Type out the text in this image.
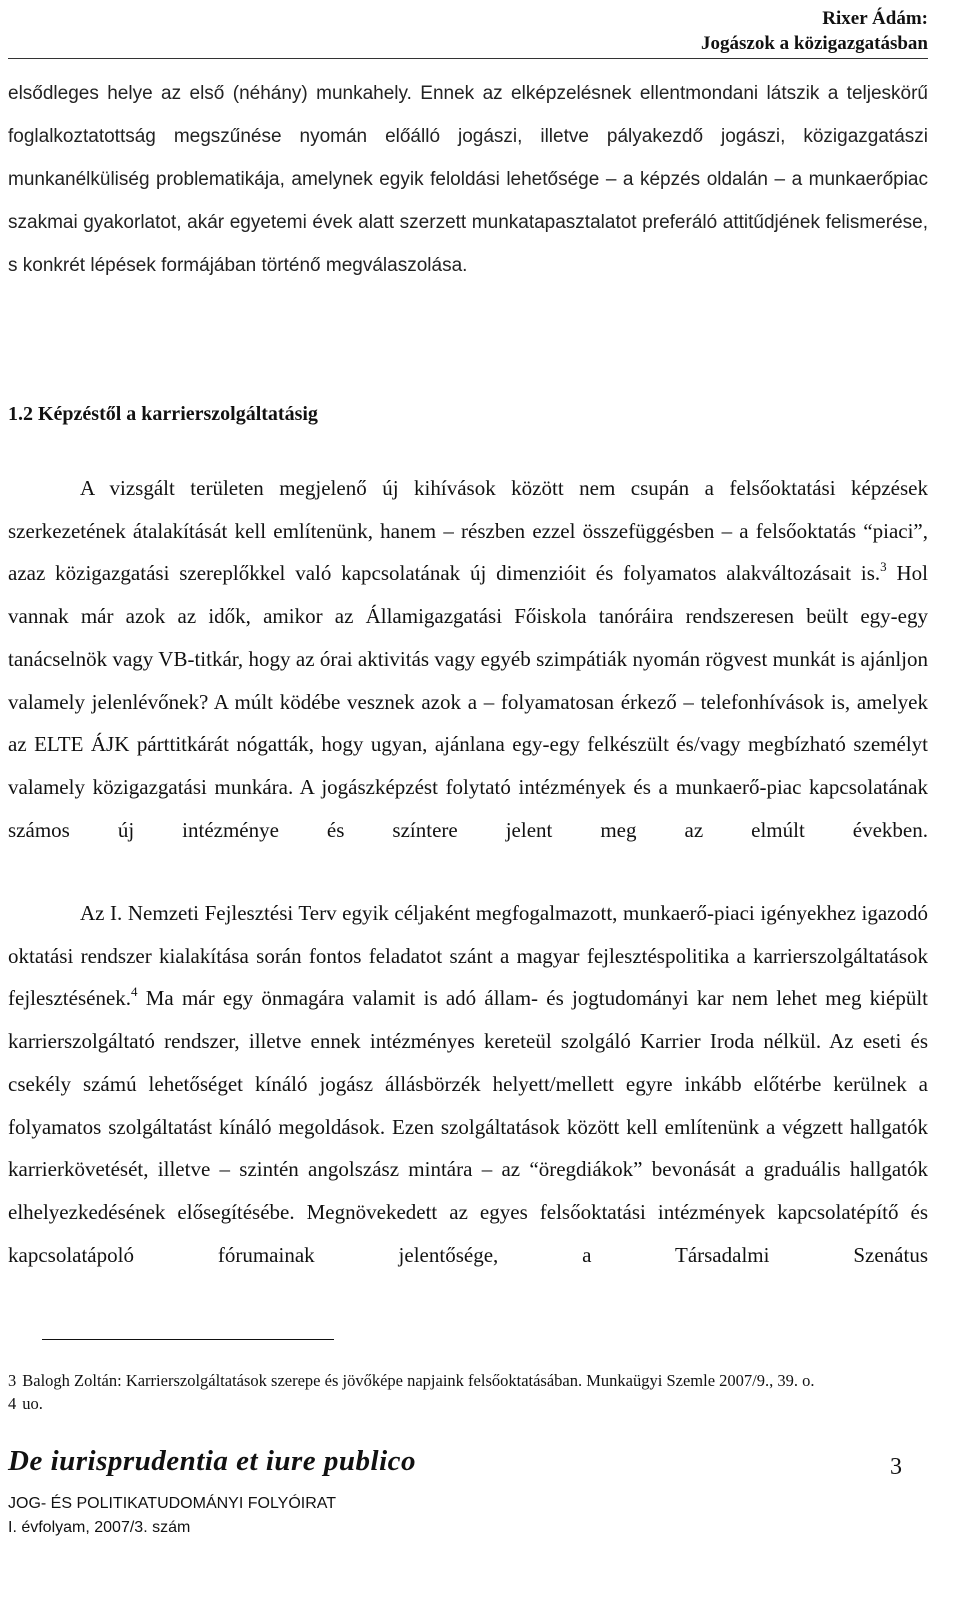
Rixer Ádám:
Jogászok a közigazgatásban

elsődleges helye az első (néhány) munkahely. Ennek az elképzelésnek ellentmondani látszik a teljeskörű foglalkoztatottság megszűnése nyomán előálló jogászi, illetve pályakezdő jogászi, közigazgatászi munkanélküliség problematikája, amelynek egyik feloldási lehetősége – a képzés oldalán – a munkaerőpiac szakmai gyakorlatot, akár egyetemi évek alatt szerzett munkatapasztalatot preferáló attitűdjének felismerése, s konkrét lépések formájában történő megválaszolása.

1.2 Képzéstől a karrierszolgáltatásig

A vizsgált területen megjelenő új kihívások között nem csupán a felsőoktatási képzések szerkezetének átalakítását kell említenünk, hanem – részben ezzel összefüggésben – a felsőoktatás “piaci”, azaz közigazgatási szereplőkkel való kapcsolatának új dimenzióit és folyamatos alakváltozásait is.$^3$ Hol vannak már azok az idők, amikor az Államigazgatási Főiskola tanóráira rendszeresen beült egy-egy tanácselnök vagy VB-titkár, hogy az órai aktivitás vagy egyéb szimpátiák nyomán rögvest munkát is ajánljon valamely jelenlévőnek? A múlt ködébe vesznek azok a – folyamatosan érkező – telefonhívások is, amelyek az ELTE ÁJK párttitkárát nógatták, hogy ugyan, ajánlana egy-egy felkészült és/vagy megbízható személyt valamely közigazgatási munkára. A jogászképzést folytató intézmények és a munkaerő-piac kapcsolatának számos új intézménye és színtere jelent meg az elmúlt években.

Az I. Nemzeti Fejlesztési Terv egyik céljaként megfogalmazott, munkaerő-piaci igényekhez igazodó oktatási rendszer kialakítása során fontos feladatot szánt a magyar fejlesztéspolitika a karrierszolgáltatások fejlesztésének.$^4$ Ma már egy önmagára valamit is adó állam- és jogtudományi kar nem lehet meg kiépült karrierszolgáltató rendszer, illetve ennek intézményes kereteül szolgáló Karrier Iroda nélkül. Az eseti és csekély számú lehetőséget kínáló jogász állásbörzék helyett/mellett egyre inkább előtérbe kerülnek a folyamatos szolgáltatást kínáló megoldások. Ezen szolgáltatások között kell említenünk a végzett hallgatók karrierkövetését, illetve – szintén angolszász mintára – az “öregdiákok” bevonását a graduális hallgatók elhelyezkedésének elősegítésébe. Megnövekedett az egyes felsőoktatási intézmények kapcsolatépítő és kapcsolatápoló fórumainak jelentősége, a Társadalmi Szenátus

3 Balogh Zoltán: Karrierszolgáltatások szerepe és jövőképe napjaink felsőoktatásában. Munkaügyi Szemle 2007/9., 39. o.

4 uo.

De iurisprudentia et iure publico
JOG- ÉS POLITIKATUDOMÁNYI FOLYÓIRAT
I. évfolyam, 2007/3. szám
3
